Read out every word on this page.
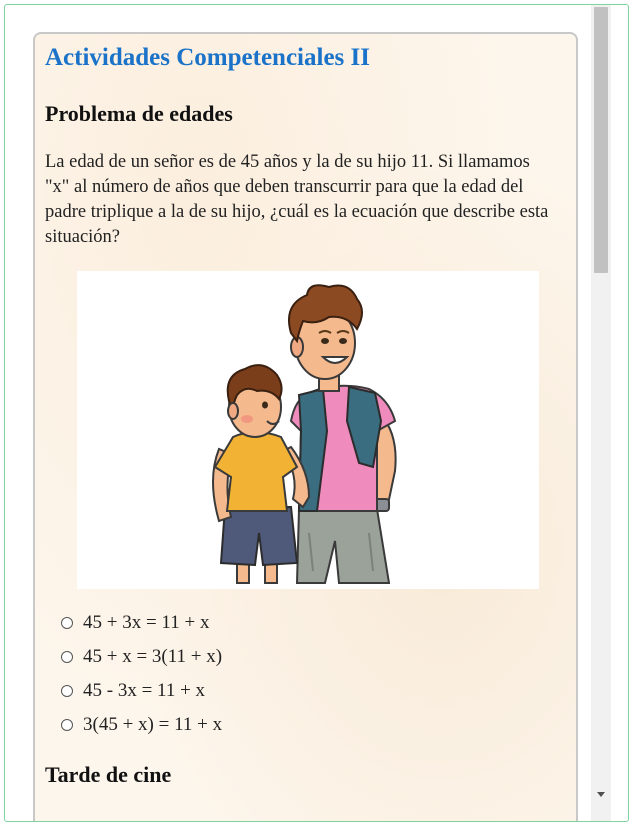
Actividades Competenciales II
Problema de edades

La edad de un señor es de 45 años y la de su hijo 11. Si llamamos "x" al número de años que deben transcurrir para que la edad del padre triplique a la de su hijo, ¿cuál es la ecuación que describe esta situación?

45 + 3x = 11 + x
45 + x = 3(11 + x)
45 - 3x = 11 + x
3(45 + x) = 11 + x
Tarde de cine
